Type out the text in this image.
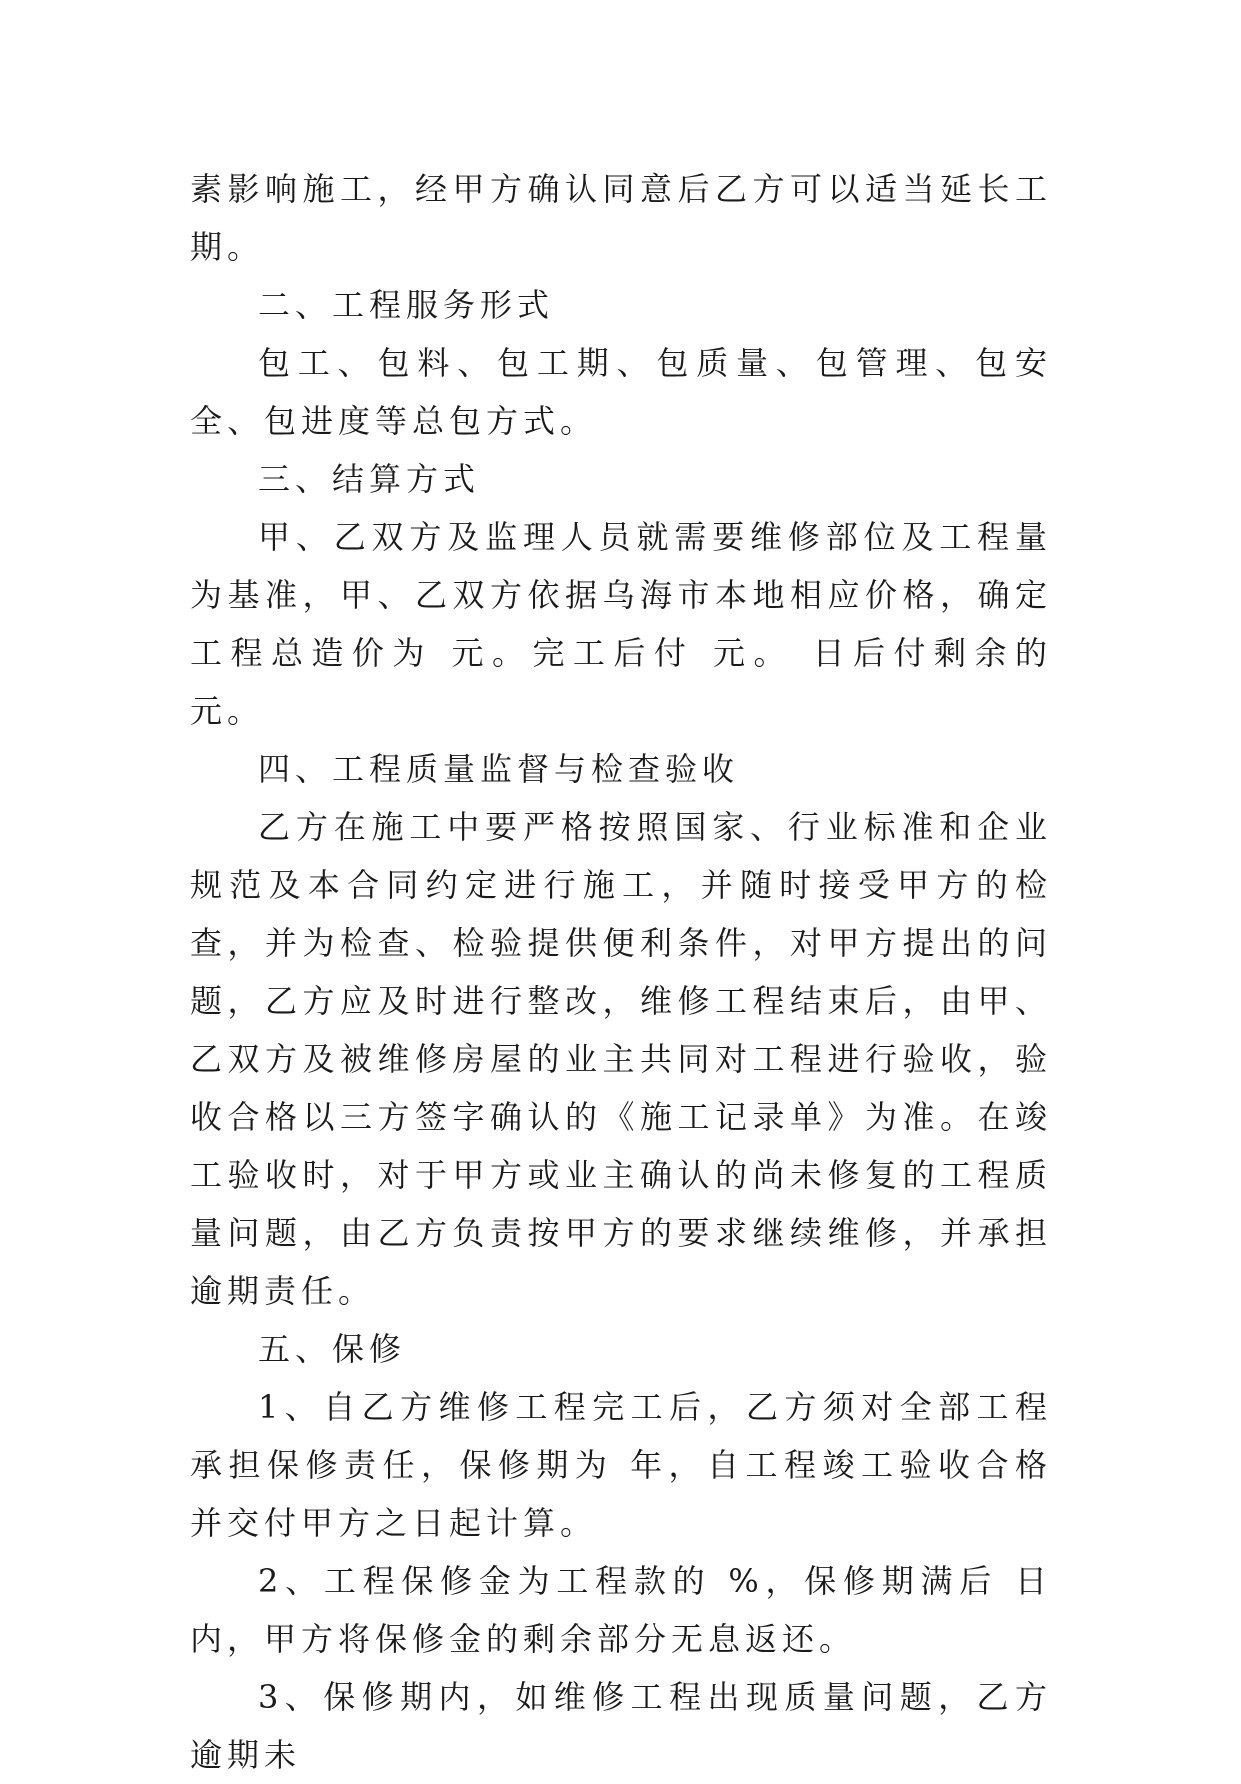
素影响施工，经甲方确认同意后乙方可以适当延长工期。

二、工程服务形式

包工、包料、包工期、包质量、包管理、包安全、包进度等总包方式。

三、结算方式

甲、乙双方及监理人员就需要维修部位及工程量为基准，甲、乙双方依据乌海市本地相应价格，确定工程总造价为 元。完工后付 元。 日后付剩余的 元。

四、工程质量监督与检查验收

乙方在施工中要严格按照国家、行业标准和企业规范及本合同约定进行施工，并随时接受甲方的检查，并为检查、检验提供便利条件，对甲方提出的问题，乙方应及时进行整改，维修工程结束后，由甲、乙双方及被维修房屋的业主共同对工程进行验收，验收合格以三方签字确认的《施工记录单》为准。在竣工验收时，对于甲方或业主确认的尚未修复的工程质量问题，由乙方负责按甲方的要求继续维修，并承担逾期责任。

五、保修

1、自乙方维修工程完工后，乙方须对全部工程承担保修责任，保修期为 年，自工程竣工验收合格并交付甲方之日起计算。

2、工程保修金为工程款的 %，保修期满后 日内，甲方将保修金的剩余部分无息返还。

3、保修期内，如维修工程出现质量问题，乙方逾期未
